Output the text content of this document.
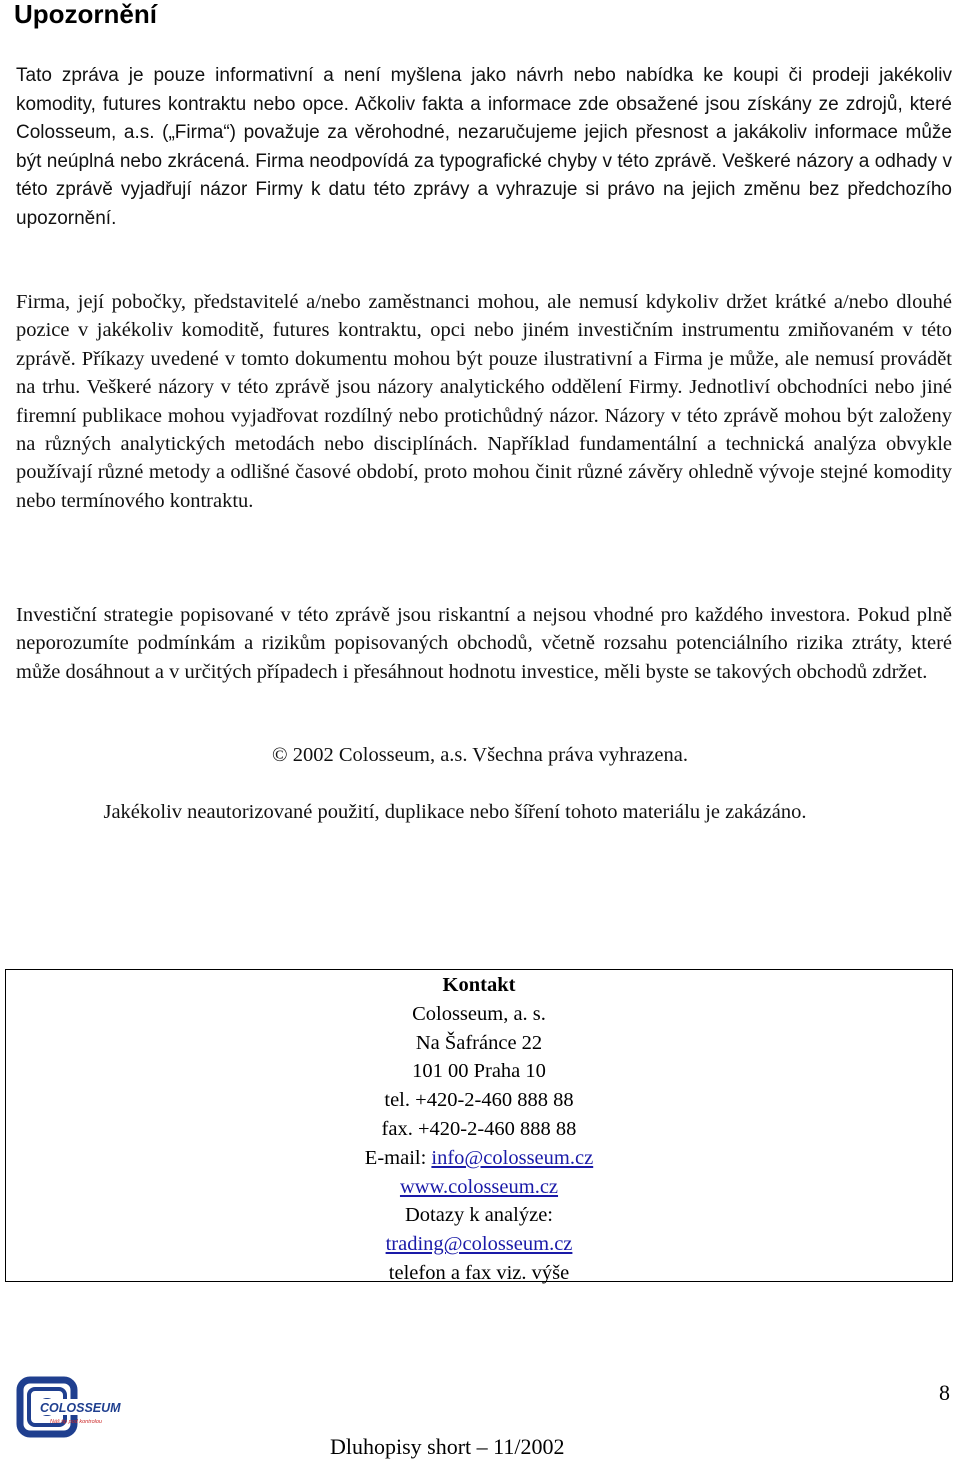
Upozornění

Tato zpráva je pouze informativní a není myšlena jako návrh nebo nabídka ke koupi či prodeji jakékoliv komodity, futures kontraktu nebo opce. Ačkoliv fakta a informace zde obsažené jsou získány ze zdrojů, které Colosseum, a.s. („Firma“) považuje za věrohodné, nezaručujeme jejich přesnost a jakákoliv informace může být neúplná nebo zkrácená. Firma neodpovídá za typografické chyby v této zprávě. Veškeré názory a odhady v této zprávě vyjadřují názor Firmy k datu této zprávy a vyhrazuje si právo na jejich změnu bez předchozího upozornění.

Firma, její pobočky, představitelé a/nebo zaměstnanci mohou, ale nemusí kdykoliv držet krátké a/nebo dlouhé pozice v jakékoliv komoditě, futures kontraktu, opci nebo jiném investičním instrumentu zmiňovaném v této zprávě. Příkazy uvedené v tomto dokumentu mohou být pouze ilustrativní a Firma je může, ale nemusí provádět na trhu. Veškeré názory v této zprávě jsou názory analytického oddělení Firmy. Jednotliví obchodníci nebo jiné firemní publikace mohou vyjadřovat rozdílný nebo protichůdný názor. Názory v této zprávě mohou být založeny na různých analytických metodách nebo disciplínách. Například fundamentální a technická analýza obvykle používají různé metody a odlišné časové období, proto mohou činit různé závěry ohledně vývoje stejné komodity nebo termínového kontraktu.

Investiční strategie popisované v této zprávě jsou riskantní a nejsou vhodné pro každého investora. Pokud plně neporozumíte podmínkám a rizikům popisovaných obchodů, včetně rozsahu potenciálního rizika ztráty, které může dosáhnout a v určitých případech i přesáhnout hodnotu investice, měli byste se takových obchodů zdržet.

© 2002 Colosseum, a.s. Všechna práva vyhrazena.

Jakékoliv neautorizované použití, duplikace nebo šíření tohoto materiálu je zakázáno.

Kontakt
Colosseum, a. s.
Na Šafránce 22
101 00 Praha 10
tel. +420-2-460 888 88
fax. +420-2-460 888 88
E-mail: info@colosseum.cz
www.colosseum.cz
Dotazy k analýze:
trading@colosseum.cz
telefon a fax viz. výše
COLOSSEUM
Náš tip pod kontrolou
8
Dluhopisy short – 11/2002
